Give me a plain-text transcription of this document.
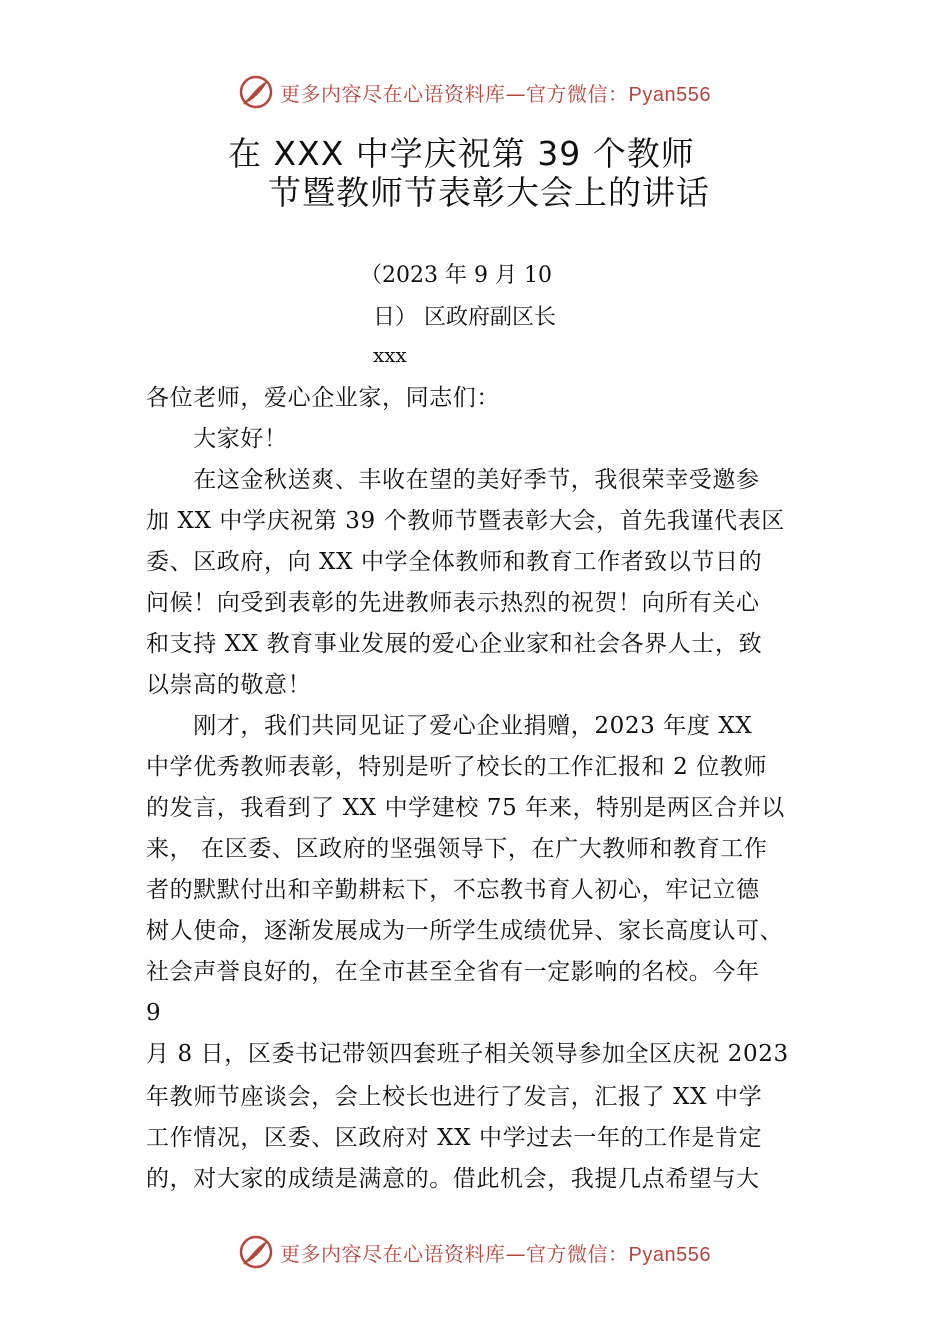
更多内容尽在心语资料库—官方微信：Pyan556
在 XXX 中学庆祝第 39 个教师
节暨教师节表彰大会上的讲话
（2023 年 9 月 10
日） 区政府副区长
xxx
各位老师，爱心企业家，同志们：
　　大家好！
　　在这金秋送爽、丰收在望的美好季节，我很荣幸受邀参
加 XX 中学庆祝第 39 个教师节暨表彰大会，首先我谨代表区
委、区政府，向 XX 中学全体教师和教育工作者致以节日的
问候！向受到表彰的先进教师表示热烈的祝贺！向所有关心
和支持 XX 教育事业发展的爱心企业家和社会各界人士，致
以崇高的敬意！
　　刚才，我们共同见证了爱心企业捐赠，2023 年度 XX
中学优秀教师表彰，特别是听了校长的工作汇报和 2 位教师
的发言，我看到了 XX 中学建校 75 年来，特别是两区合并以
来， 在区委、区政府的坚强领导下，在广大教师和教育工作
者的默默付出和辛勤耕耘下，不忘教书育人初心，牢记立德
树人使命，逐渐发展成为一所学生成绩优异、家长高度认可、
社会声誉良好的，在全市甚至全省有一定影响的名校。今年
9
月 8 日，区委书记带领四套班子相关领导参加全区庆祝 2023
年教师节座谈会，会上校长也进行了发言，汇报了 XX 中学
工作情况，区委、区政府对 XX 中学过去一年的工作是肯定
的，对大家的成绩是满意的。借此机会，我提几点希望与大
更多内容尽在心语资料库—官方微信：Pyan556
